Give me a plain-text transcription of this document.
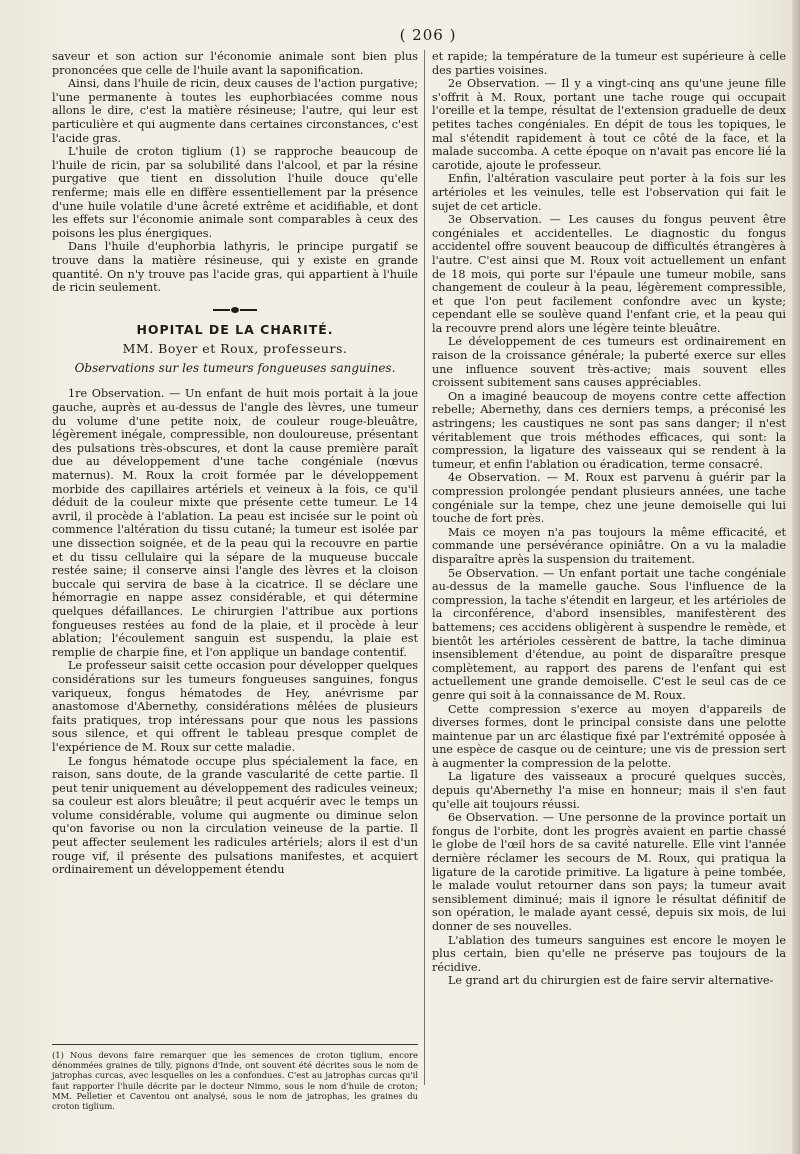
( 206 )

saveur et son action sur l'économie animale sont bien plus prononcées que celle de l'huile avant la saponification.

Ainsi, dans l'huile de ricin, deux causes de l'action purgative; l'une permanente à toutes les euphorbiacées comme nous allons le dire, c'est la matière résineuse; l'autre, qui leur est particulière et qui augmente dans certaines circonstances, c'est l'acide gras.

L'huile de croton tiglium (1) se rapproche beaucoup de l'huile de ricin, par sa solubilité dans l'alcool, et par la résine purgative que tient en dissolution l'huile douce qu'elle renferme; mais elle en diffère essentiellement par la présence d'une huile volatile d'une âcreté extrême et acidifiable, et dont les effets sur l'économie animale sont comparables à ceux des poisons les plus énergiques.

Dans l'huile d'euphorbia lathyris, le principe purgatif se trouve dans la matière résineuse, qui y existe en grande quantité. On n'y trouve pas l'acide gras, qui appartient à l'huile de ricin seulement.

HOPITAL DE LA CHARITÉ.
MM. Boyer et Roux, professeurs.
Observations sur les tumeurs fongueuses sanguines.

1re Observation. — Un enfant de huit mois portait à la joue gauche, auprès et au-dessus de l'angle des lèvres, une tumeur du volume d'une petite noix, de couleur rouge-bleuâtre, légèrement inégale, compressible, non douloureuse, présentant des pulsations très-obscures, et dont la cause première paraît due au développement d'une tache congéniale (nœvus maternus). M. Roux la croit formée par le développement morbide des capillaires artériels et veineux à la fois, ce qu'il déduit de la couleur mixte que présente cette tumeur. Le 14 avril, il procède à l'ablation. La peau est incisée sur le point où commence l'altération du tissu cutané; la tumeur est isolée par une dissection soignée, et de la peau qui la recouvre en partie et du tissu cellulaire qui la sépare de la muqueuse buccale restée saine; il conserve ainsi l'angle des lèvres et la cloison buccale qui servira de base à la cicatrice. Il se déclare une hémorragie en nappe assez considérable, et qui détermine quelques défaillances. Le chirurgien l'attribue aux portions fongueuses restées au fond de la plaie, et il procède à leur ablation; l'écoulement sanguin est suspendu, la plaie est remplie de charpie fine, et l'on applique un bandage contentif.

Le professeur saisit cette occasion pour développer quelques considérations sur les tumeurs fongueuses sanguines, fongus variqueux, fongus hématodes de Hey, anévrisme par anastomose d'Abernethy, considérations mêlées de plusieurs faits pratiques, trop intéressans pour que nous les passions sous silence, et qui offrent le tableau presque complet de l'expérience de M. Roux sur cette maladie.

Le fongus hématode occupe plus spécialement la face, en raison, sans doute, de la grande vascularité de cette partie. Il peut tenir uniquement au développement des radicules veineux; sa couleur est alors bleuâtre; il peut acquérir avec le temps un volume considérable, volume qui augmente ou diminue selon qu'on favorise ou non la circulation veineuse de la partie. Il peut affecter seulement les radicules artériels; alors il est d'un rouge vif, il présente des pulsations manifestes, et acquiert ordinairement un développement étendu

(1) Nous devons faire remarquer que les semences de croton tiglium, encore dénommées graines de tilly, pignons d'Inde, ont souvent été décrites sous le nom de jatrophas curcas, avec lesquelles on les a confondues. C'est au jatrophas curcas qu'il faut rapporter l'huile décrite par le docteur Nimmo, sous le nom d'huile de croton; MM. Pelletier et Caventou ont analysé, sous le nom de jatrophas, les graines du croton tiglium.

et rapide; la température de la tumeur est supérieure à celle des parties voisines.

2e Observation. — Il y a vingt-cinq ans qu'une jeune fille s'offrit à M. Roux, portant une tache rouge qui occupait l'oreille et la tempe, résultat de l'extension graduelle de deux petites taches congéniales. En dépit de tous les topiques, le mal s'étendit rapidement à tout ce côté de la face, et la malade succomba. A cette époque on n'avait pas encore lié la carotide, ajoute le professeur.

Enfin, l'altération vasculaire peut porter à la fois sur les artérioles et les veinules, telle est l'observation qui fait le sujet de cet article.

3e Observation. — Les causes du fongus peuvent être congéniales et accidentelles. Le diagnostic du fongus accidentel offre souvent beaucoup de difficultés étrangères à l'autre. C'est ainsi que M. Roux voit actuellement un enfant de 18 mois, qui porte sur l'épaule une tumeur mobile, sans changement de couleur à la peau, légèrement compressible, et que l'on peut facilement confondre avec un kyste; cependant elle se soulève quand l'enfant crie, et la peau qui la recouvre prend alors une légère teinte bleuâtre.

Le développement de ces tumeurs est ordinairement en raison de la croissance générale; la puberté exerce sur elles une influence souvent très-active; mais souvent elles croissent subitement sans causes appréciables.

On a imaginé beaucoup de moyens contre cette affection rebelle; Abernethy, dans ces derniers temps, a préconisé les astringens; les caustiques ne sont pas sans danger; il n'est véritablement que trois méthodes efficaces, qui sont: la compression, la ligature des vaisseaux qui se rendent à la tumeur, et enfin l'ablation ou éradication, terme consacré.

4e Observation. — M. Roux est parvenu à guérir par la compression prolongée pendant plusieurs années, une tache congéniale sur la tempe, chez une jeune demoiselle qui lui touche de fort près.

Mais ce moyen n'a pas toujours la même efficacité, et commande une persévérance opiniâtre. On a vu la maladie disparaître après la suspension du traitement.

5e Observation. — Un enfant portait une tache congéniale au-dessus de la mamelle gauche. Sous l'influence de la compression, la tache s'étendit en largeur, et les artérioles de la circonférence, d'abord insensibles, manifestèrent des battemens; ces accidens obligèrent à suspendre le remède, et bientôt les artérioles cessèrent de battre, la tache diminua insensiblement d'étendue, au point de disparaître presque complètement, au rapport des parens de l'enfant qui est actuellement une grande demoiselle. C'est le seul cas de ce genre qui soit à la connaissance de M. Roux.

Cette compression s'exerce au moyen d'appareils de diverses formes, dont le principal consiste dans une pelotte maintenue par un arc élastique fixé par l'extrémité opposée à une espèce de casque ou de ceinture; une vis de pression sert à augmenter la compression de la pelotte.

La ligature des vaisseaux a procuré quelques succès, depuis qu'Abernethy l'a mise en honneur; mais il s'en faut qu'elle ait toujours réussi.

6e Observation. — Une personne de la province portait un fongus de l'orbite, dont les progrès avaient en partie chassé le globe de l'œil hors de sa cavité naturelle. Elle vint l'année dernière réclamer les secours de M. Roux, qui pratiqua la ligature de la carotide primitive. La ligature à peine tombée, le malade voulut retourner dans son pays; la tumeur avait sensiblement diminué; mais il ignore le résultat définitif de son opération, le malade ayant cessé, depuis six mois, de lui donner de ses nouvelles.

L'ablation des tumeurs sanguines est encore le moyen le plus certain, bien qu'elle ne préserve pas toujours de la récidive.

Le grand art du chirurgien est de faire servir alternative-
